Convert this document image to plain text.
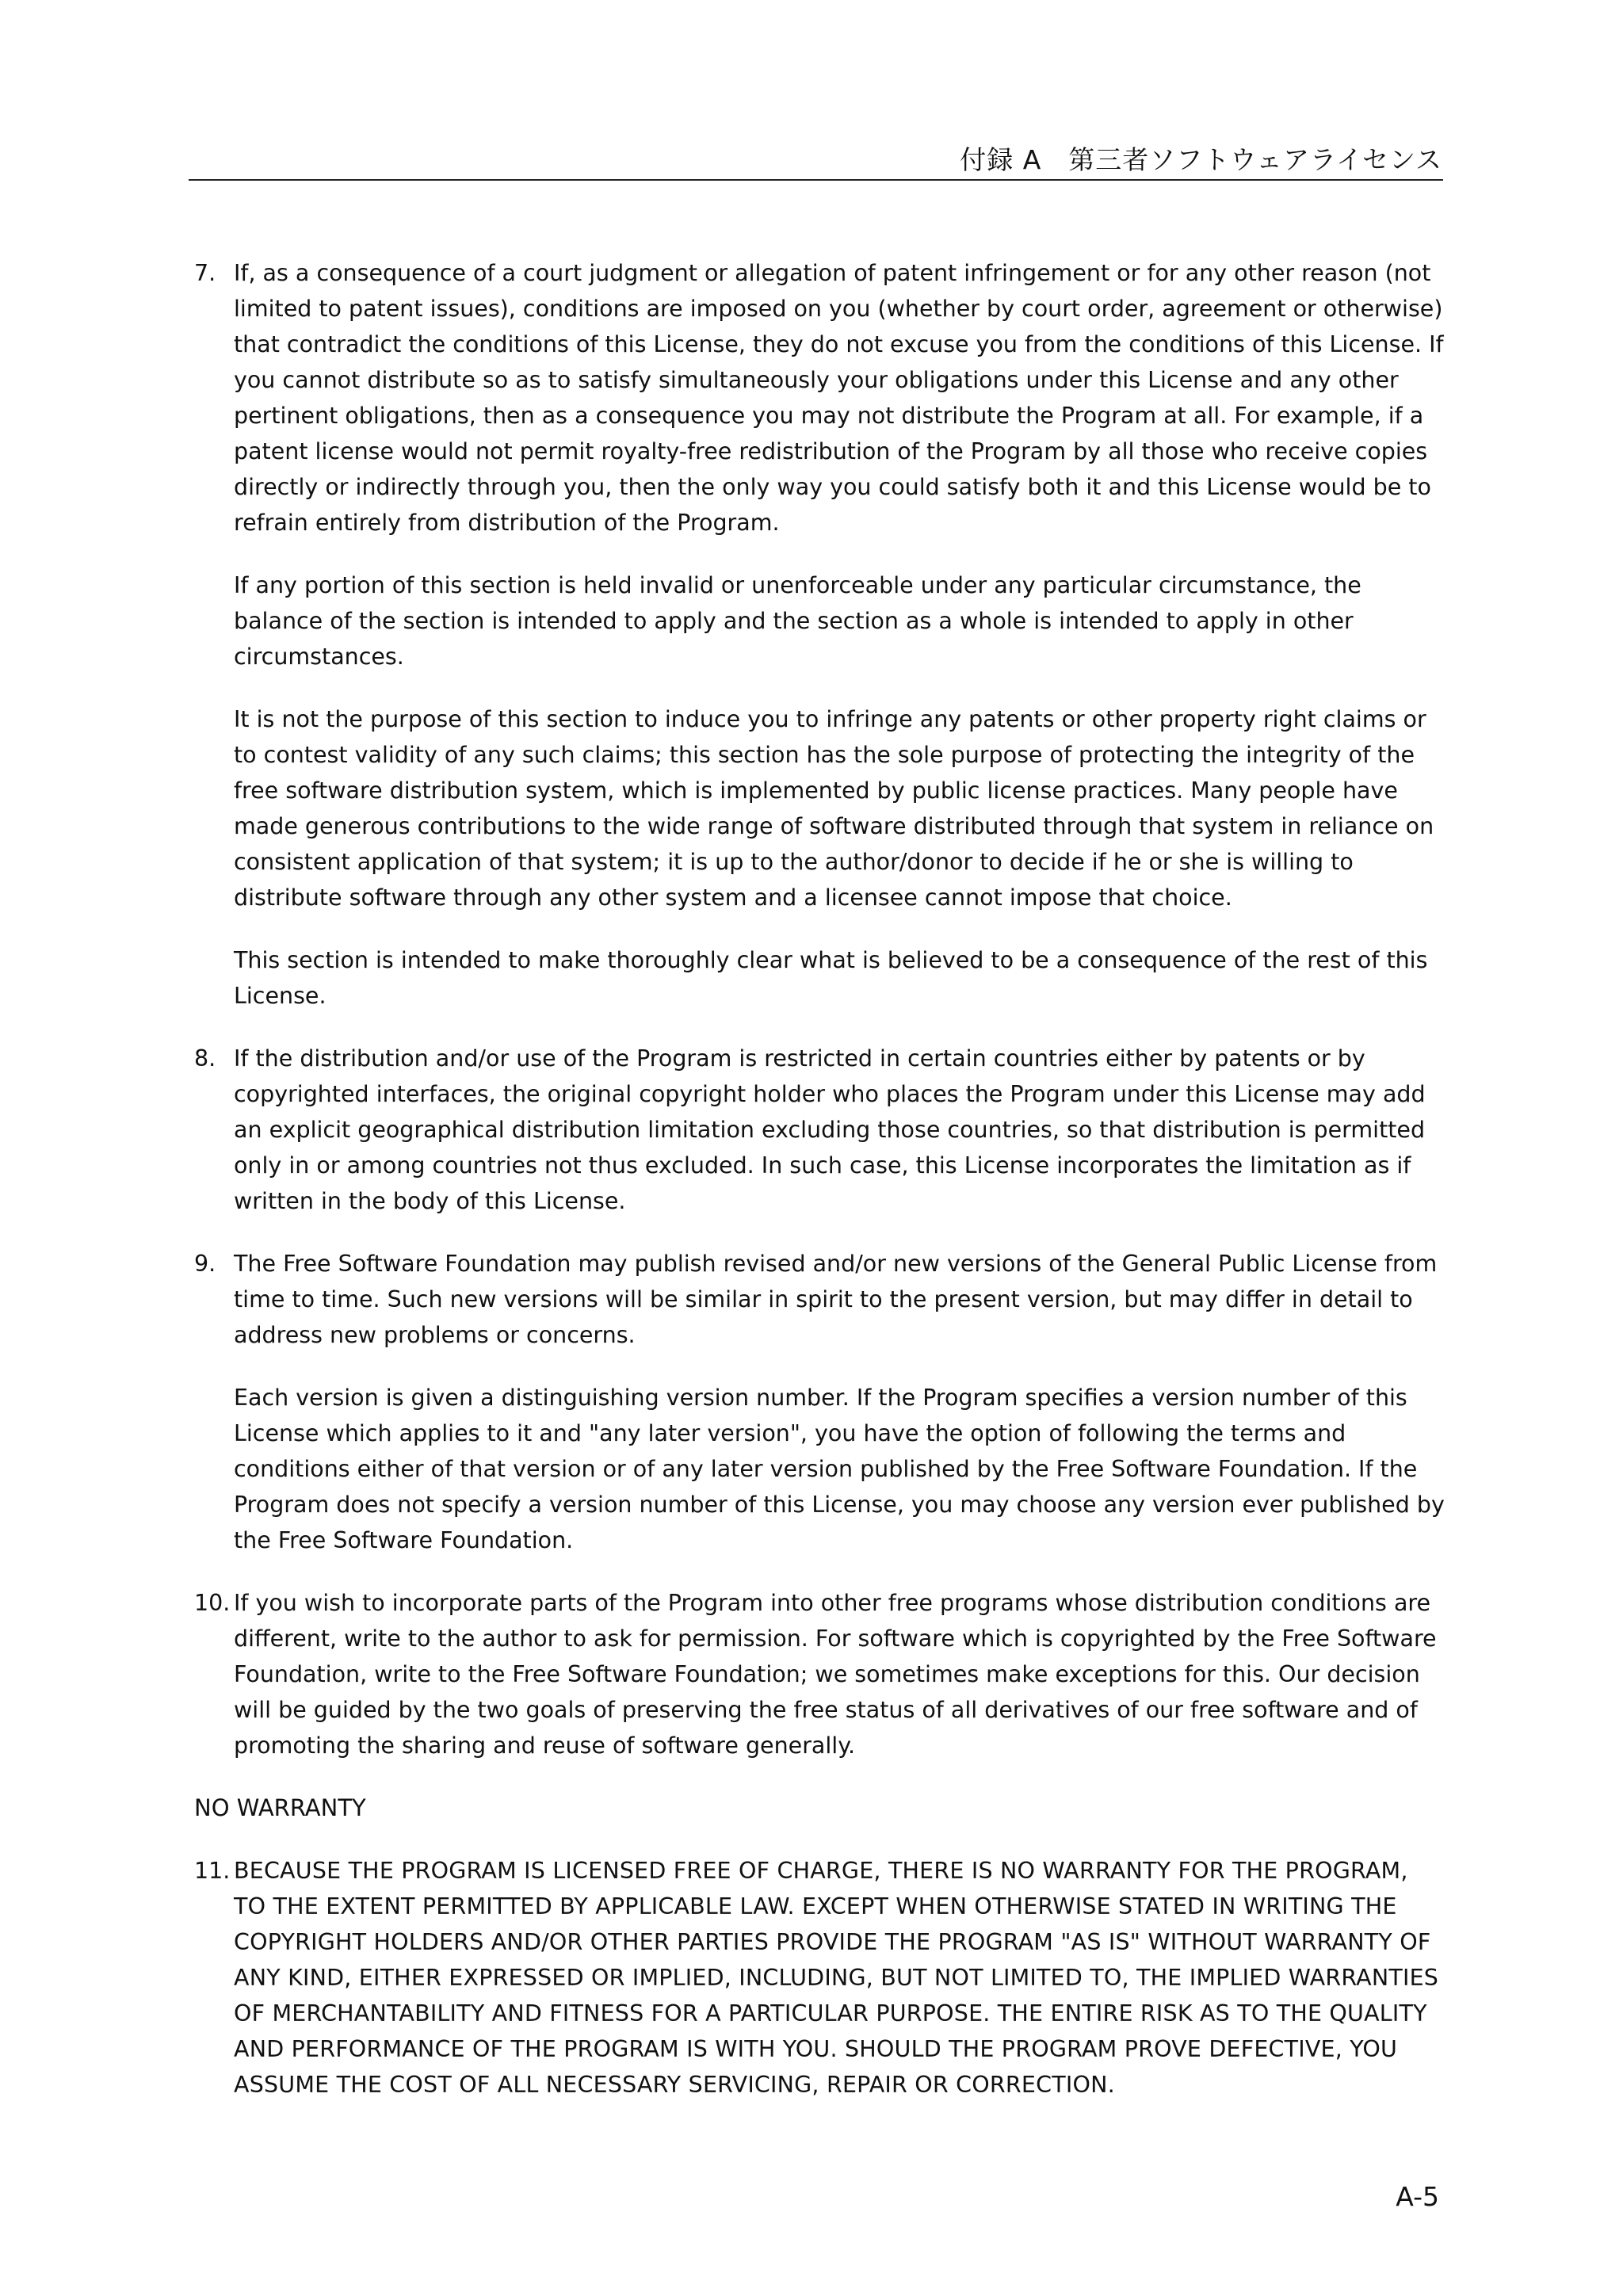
付録 A　第三者ソフトウェアライセンス
7. If, as a consequence of a court judgment or allegation of patent infringement or for any other reason (not limited to patent issues), conditions are imposed on you (whether by court order, agreement or otherwise) that contradict the conditions of this License, they do not excuse you from the conditions of this License. If you cannot distribute so as to satisfy simultaneously your obligations under this License and any other pertinent obligations, then as a consequence you may not distribute the Program at all. For example, if a patent license would not permit royalty-free redistribution of the Program by all those who receive copies directly or indirectly through you, then the only way you could satisfy both it and this License would be to refrain entirely from distribution of the Program.

If any portion of this section is held invalid or unenforceable under any particular circumstance, the balance of the section is intended to apply and the section as a whole is intended to apply in other circumstances.

It is not the purpose of this section to induce you to infringe any patents or other property right claims or to contest validity of any such claims; this section has the sole purpose of protecting the integrity of the free software distribution system, which is implemented by public license practices. Many people have made generous contributions to the wide range of software distributed through that system in reliance on consistent application of that system; it is up to the author/donor to decide if he or she is willing to distribute software through any other system and a licensee cannot impose that choice.

This section is intended to make thoroughly clear what is believed to be a consequence of the rest of this License.

8. If the distribution and/or use of the Program is restricted in certain countries either by patents or by copyrighted interfaces, the original copyright holder who places the Program under this License may add an explicit geographical distribution limitation excluding those countries, so that distribution is permitted only in or among countries not thus excluded. In such case, this License incorporates the limitation as if written in the body of this License.

9. The Free Software Foundation may publish revised and/or new versions of the General Public License from time to time. Such new versions will be similar in spirit to the present version, but may differ in detail to address new problems or concerns.

Each version is given a distinguishing version number. If the Program specifies a version number of this License which applies to it and "any later version", you have the option of following the terms and conditions either of that version or of any later version published by the Free Software Foundation. If the Program does not specify a version number of this License, you may choose any version ever published by the Free Software Foundation.

10. If you wish to incorporate parts of the Program into other free programs whose distribution conditions are different, write to the author to ask for permission. For software which is copyrighted by the Free Software Foundation, write to the Free Software Foundation; we sometimes make exceptions for this. Our decision will be guided by the two goals of preserving the free status of all derivatives of our free software and of promoting the sharing and reuse of software generally.

NO WARRANTY
11. BECAUSE THE PROGRAM IS LICENSED FREE OF CHARGE, THERE IS NO WARRANTY FOR THE PROGRAM, TO THE EXTENT PERMITTED BY APPLICABLE LAW. EXCEPT WHEN OTHERWISE STATED IN WRITING THE COPYRIGHT HOLDERS AND/OR OTHER PARTIES PROVIDE THE PROGRAM "AS IS" WITHOUT WARRANTY OF ANY KIND, EITHER EXPRESSED OR IMPLIED, INCLUDING, BUT NOT LIMITED TO, THE IMPLIED WARRANTIES OF MERCHANTABILITY AND FITNESS FOR A PARTICULAR PURPOSE. THE ENTIRE RISK AS TO THE QUALITY AND PERFORMANCE OF THE PROGRAM IS WITH YOU. SHOULD THE PROGRAM PROVE DEFECTIVE, YOU ASSUME THE COST OF ALL NECESSARY SERVICING, REPAIR OR CORRECTION.

A-5
